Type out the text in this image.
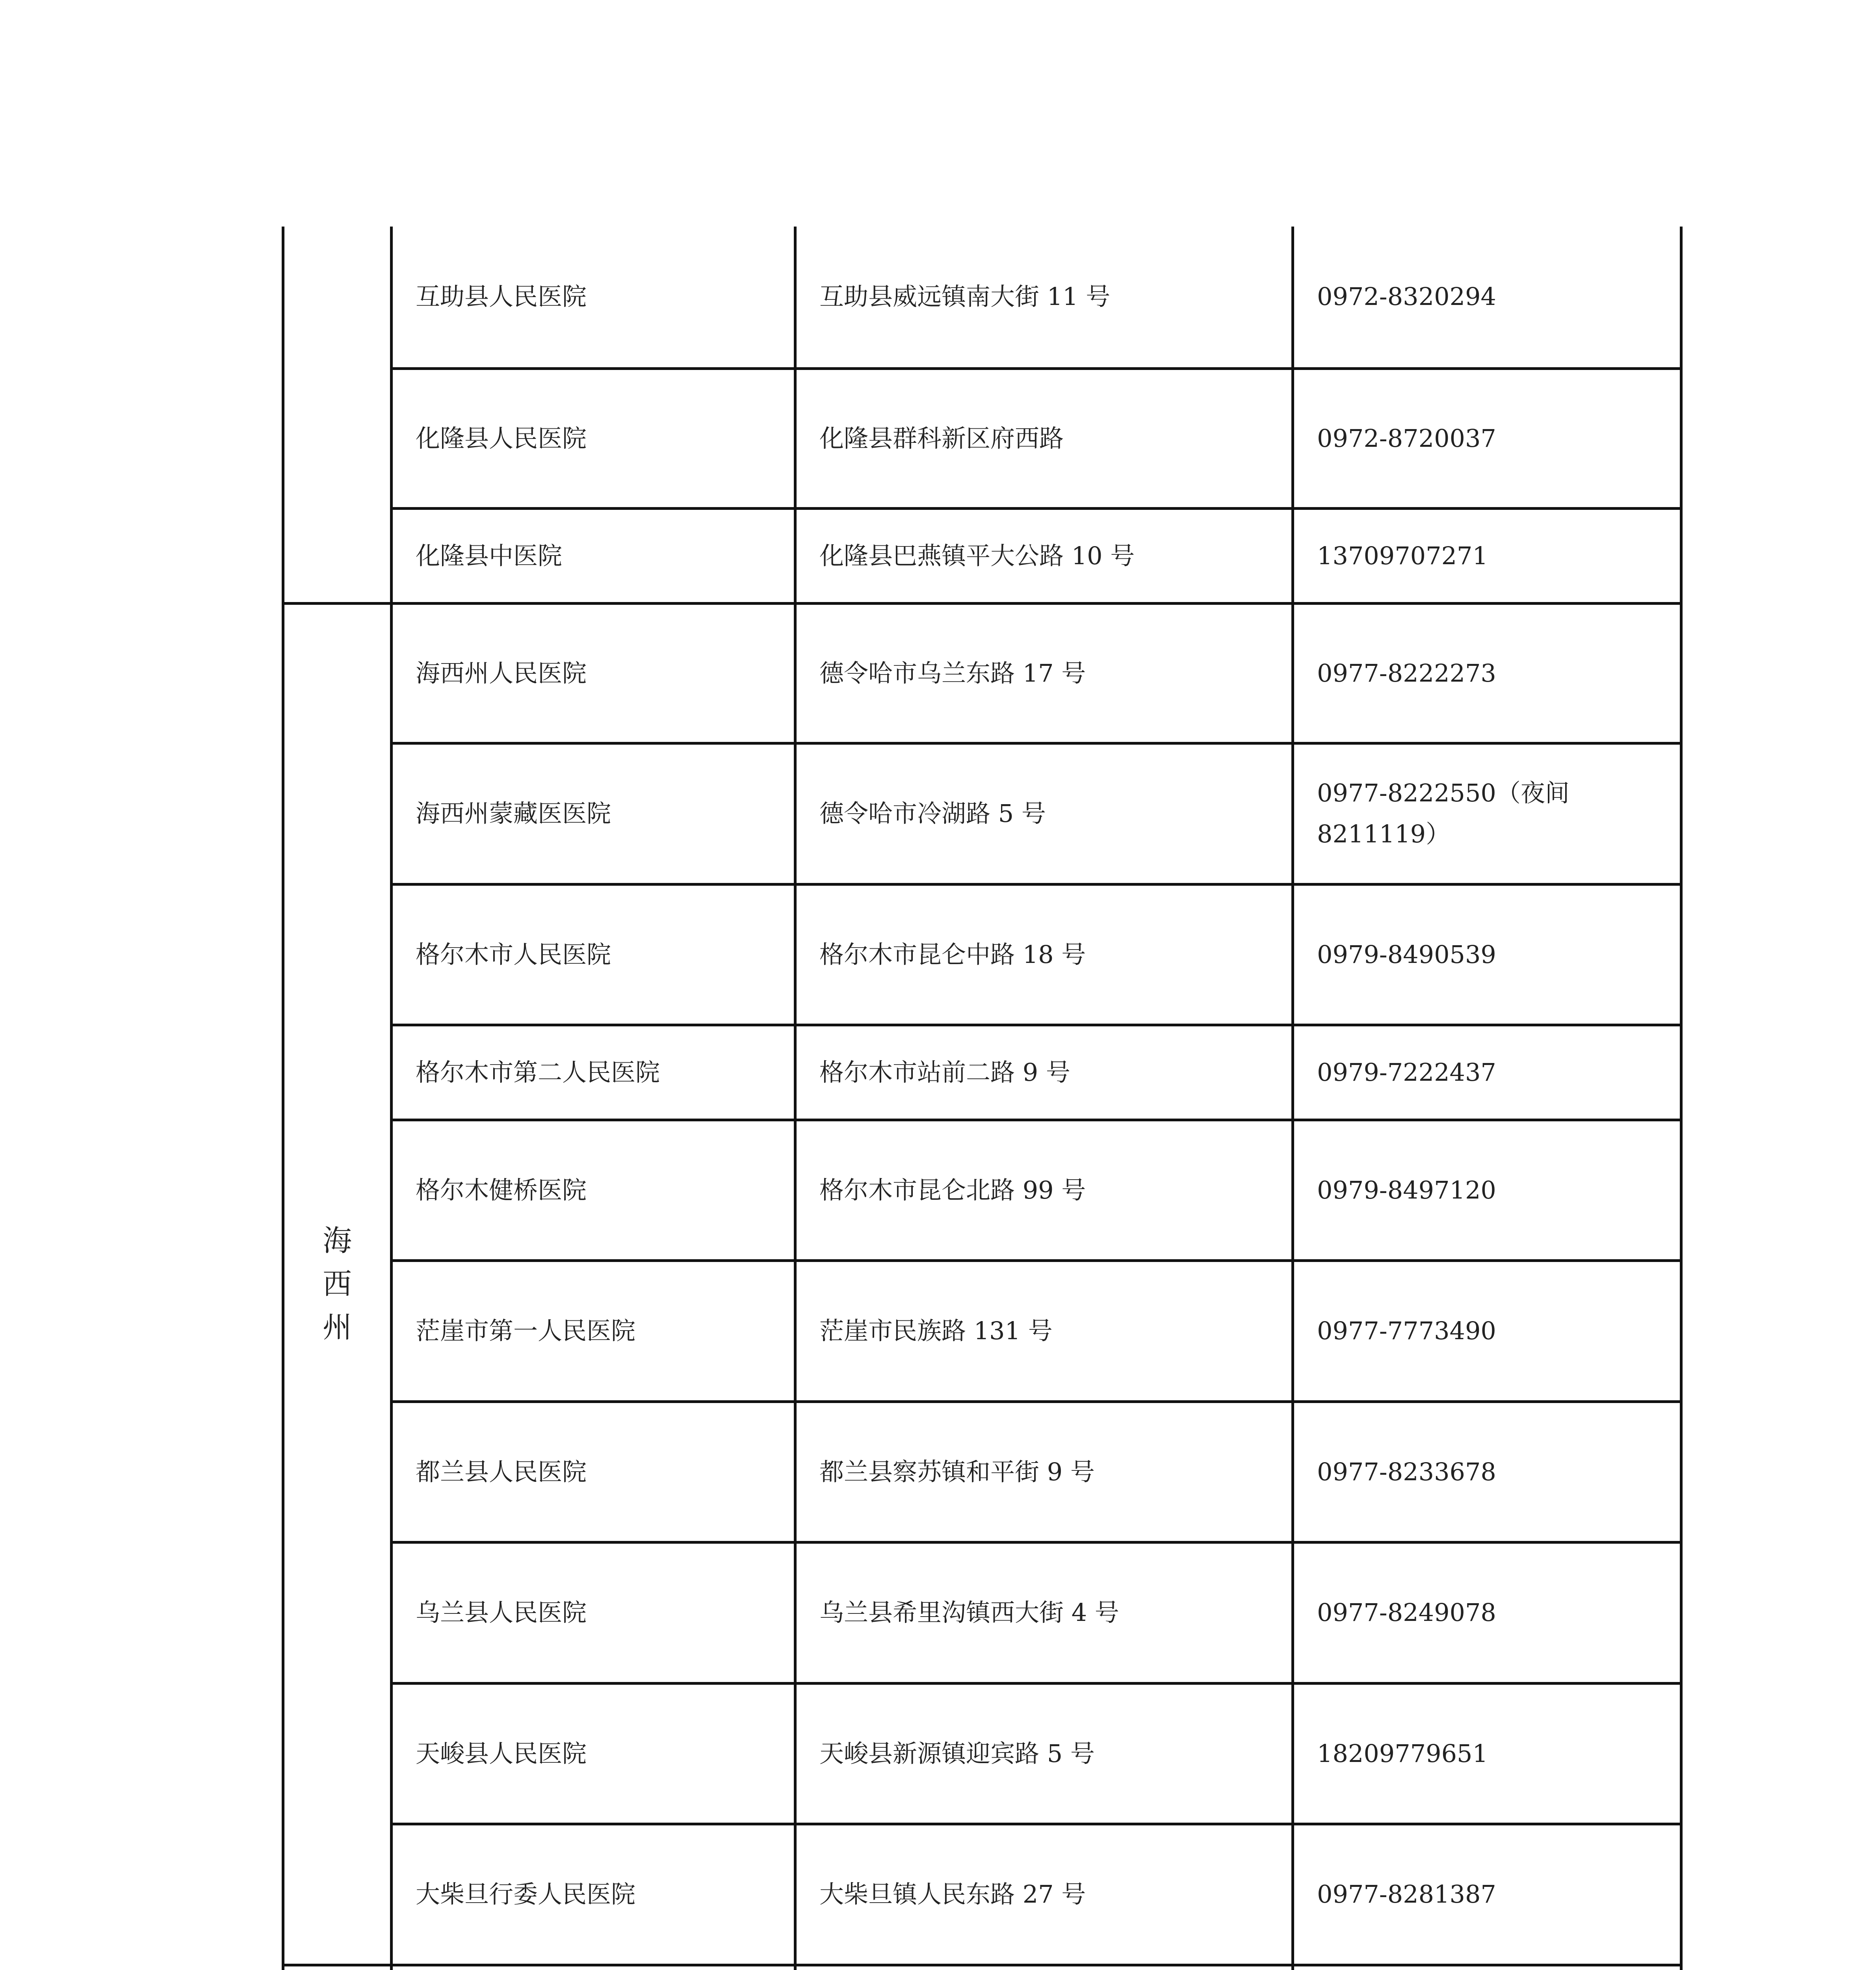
	互助县人民医院	互助县威远镇南大街 11 号	0972-8320294
	化隆县人民医院	化隆县群科新区府西路	0972-8720037
	化隆县中医院	化隆县巴燕镇平大公路 10 号	13709707271
海西州	海西州人民医院	德令哈市乌兰东路 17 号	0977-8222273
	海西州蒙藏医医院	德令哈市冷湖路 5 号	0977-8222550（夜间 8211119）
	格尔木市人民医院	格尔木市昆仑中路 18 号	0979-8490539
	格尔木市第二人民医院	格尔木市站前二路 9 号	0979-7222437
	格尔木健桥医院	格尔木市昆仑北路 99 号	0979-8497120
	茫崖市第一人民医院	茫崖市民族路 131 号	0977-7773490
	都兰县人民医院	都兰县察苏镇和平街 9 号	0977-8233678
	乌兰县人民医院	乌兰县希里沟镇西大街 4 号	0977-8249078
	天峻县人民医院	天峻县新源镇迎宾路 5 号	18209779651
	大柴旦行委人民医院	大柴旦镇人民东路 27 号	0977-8281387
